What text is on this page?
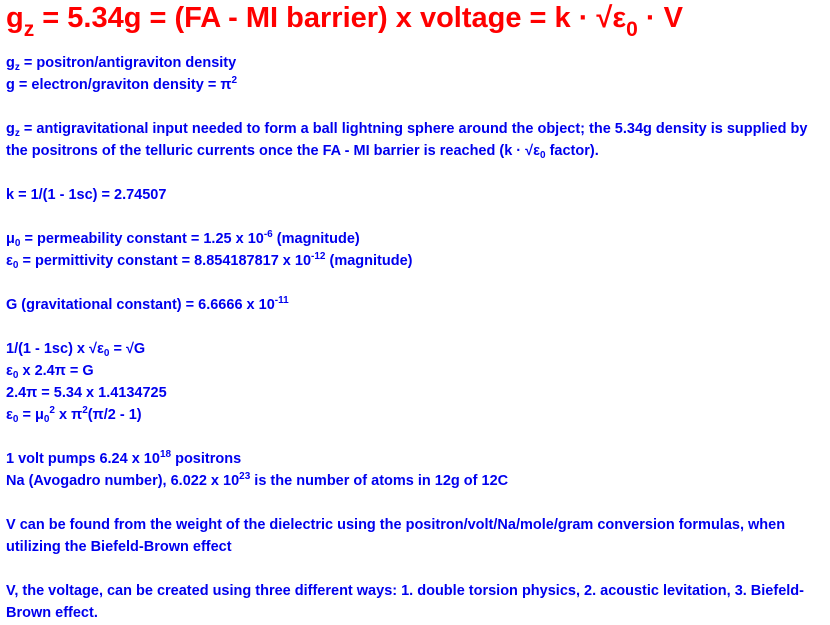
$g_z = 5.34g = (FA$ - MI barrier) x voltage = $k \cdot √\varepsilon_0 \cdot V$

$g_z$ = positron/antigraviton density

g = electron/graviton density = $\pi^2$

$g_z$ = antigravitational input needed to form a ball lightning sphere around the object; the 5.34g density is supplied by the positrons of the telluric currents once the FA - MI barrier is reached ($k \cdot √\varepsilon_0$ factor).

k = 1/(1 - 1sc) = 2.74507

$\mu_0$ = permeability constant = 1.25 x $10^{-6}$ (magnitude)

$\varepsilon_0$ = permittivity constant = 8.854187817 x $10^{-12}$ (magnitude)

G (gravitational constant) = 6.6666 x $10^{-11}$

1/(1 - 1sc) x $√\varepsilon_0 = √G$

$\varepsilon_0$ x 2.4π = G

2.4π = 5.34 x 1.4134725

$\varepsilon_0 = \mu_0^2$ x $\pi^2(\pi/2 - 1)$

1 volt pumps 6.24 x $10^{18}$ positrons

Na (Avogadro number), 6.022 x $10^{23}$ is the number of atoms in 12g of 12C

V can be found from the weight of the dielectric using the positron/volt/Na/mole/gram conversion formulas, when utilizing the Biefeld-Brown effect

V, the voltage, can be created using three different ways: 1. double torsion physics, 2. acoustic levitation, 3. Biefeld-Brown effect.
